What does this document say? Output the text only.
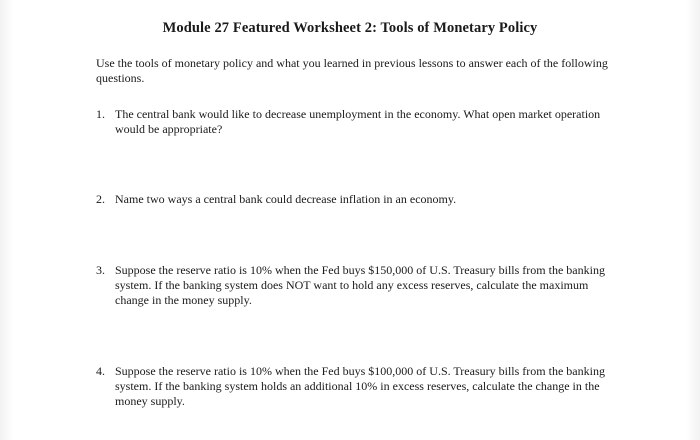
Module 27 Featured Worksheet 2: Tools of Monetary Policy
Use the tools of monetary policy and what you learned in previous lessons to answer each of the following questions.
1. The central bank would like to decrease unemployment in the economy. What open market operation would be appropriate?
2. Name two ways a central bank could decrease inflation in an economy.
3. Suppose the reserve ratio is 10% when the Fed buys $150,000 of U.S. Treasury bills from the banking system. If the banking system does NOT want to hold any excess reserves, calculate the maximum change in the money supply.
4. Suppose the reserve ratio is 10% when the Fed buys $100,000 of U.S. Treasury bills from the banking system. If the banking system holds an additional 10% in excess reserves, calculate the change in the money supply.
